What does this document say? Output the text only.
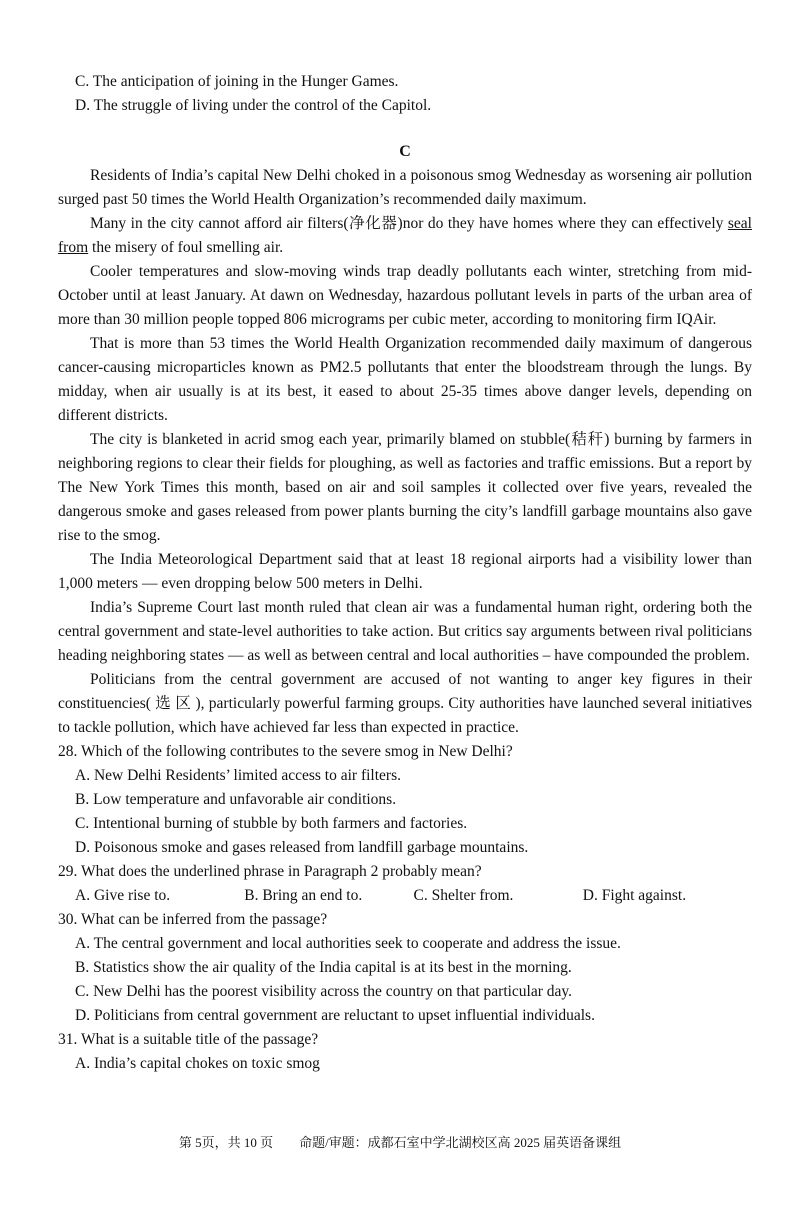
C. The anticipation of joining in the Hunger Games.
D. The struggle of living under the control of the Capitol.
C

Residents of India’s capital New Delhi choked in a poisonous smog Wednesday as worsening air pollution surged past 50 times the World Health Organization’s recommended daily maximum.

Many in the city cannot afford air filters(净化器)nor do they have homes where they can effectively seal from the misery of foul smelling air.

Cooler temperatures and slow-moving winds trap deadly pollutants each winter, stretching from mid-October until at least January. At dawn on Wednesday, hazardous pollutant levels in parts of the urban area of more than 30 million people topped 806 micrograms per cubic meter, according to monitoring firm IQAir.

That is more than 53 times the World Health Organization recommended daily maximum of dangerous cancer-causing microparticles known as PM2.5 pollutants that enter the bloodstream through the lungs. By midday, when air usually is at its best, it eased to about 25-35 times above danger levels, depending on different districts.

The city is blanketed in acrid smog each year, primarily blamed on stubble(秸秆) burning by farmers in neighboring regions to clear their fields for ploughing, as well as factories and traffic emissions. But a report by The New York Times this month, based on air and soil samples it collected over five years, revealed the dangerous smoke and gases released from power plants burning the city’s landfill garbage mountains also gave rise to the smog.

The India Meteorological Department said that at least 18 regional airports had a visibility lower than 1,000 meters — even dropping below 500 meters in Delhi.

India’s Supreme Court last month ruled that clean air was a fundamental human right, ordering both the central government and state-level authorities to take action. But critics say arguments between rival politicians heading neighboring states — as well as between central and local authorities – have compounded the problem.

Politicians from the central government are accused of not wanting to anger key figures in their constituencies( 选 区 ), particularly powerful farming groups. City authorities have launched several initiatives to tackle pollution, which have achieved far less than expected in practice.

28. Which of the following contributes to the severe smog in New Delhi?
A. New Delhi Residents’ limited access to air filters.
B. Low temperature and unfavorable air conditions.
C. Intentional burning of stubble by both farmers and factories.
D. Poisonous smoke and gases released from landfill garbage mountains.
29. What does the underlined phrase in Paragraph 2 probably mean?
A. Give rise to.	B. Bring an end to.	C. Shelter from.	D. Fight against.
30. What can be inferred from the passage?
A. The central government and local authorities seek to cooperate and address the issue.
B. Statistics show the air quality of the India capital is at its best in the morning.
C. New Delhi has the poorest visibility across the country on that particular day.
D. Politicians from central government are reluctant to upset influential individuals.
31. What is a suitable title of the passage?
A. India’s capital chokes on toxic smog
第 5页，共 10 页　　命题/审题：成都石室中学北湖校区高 2025 届英语备课组
